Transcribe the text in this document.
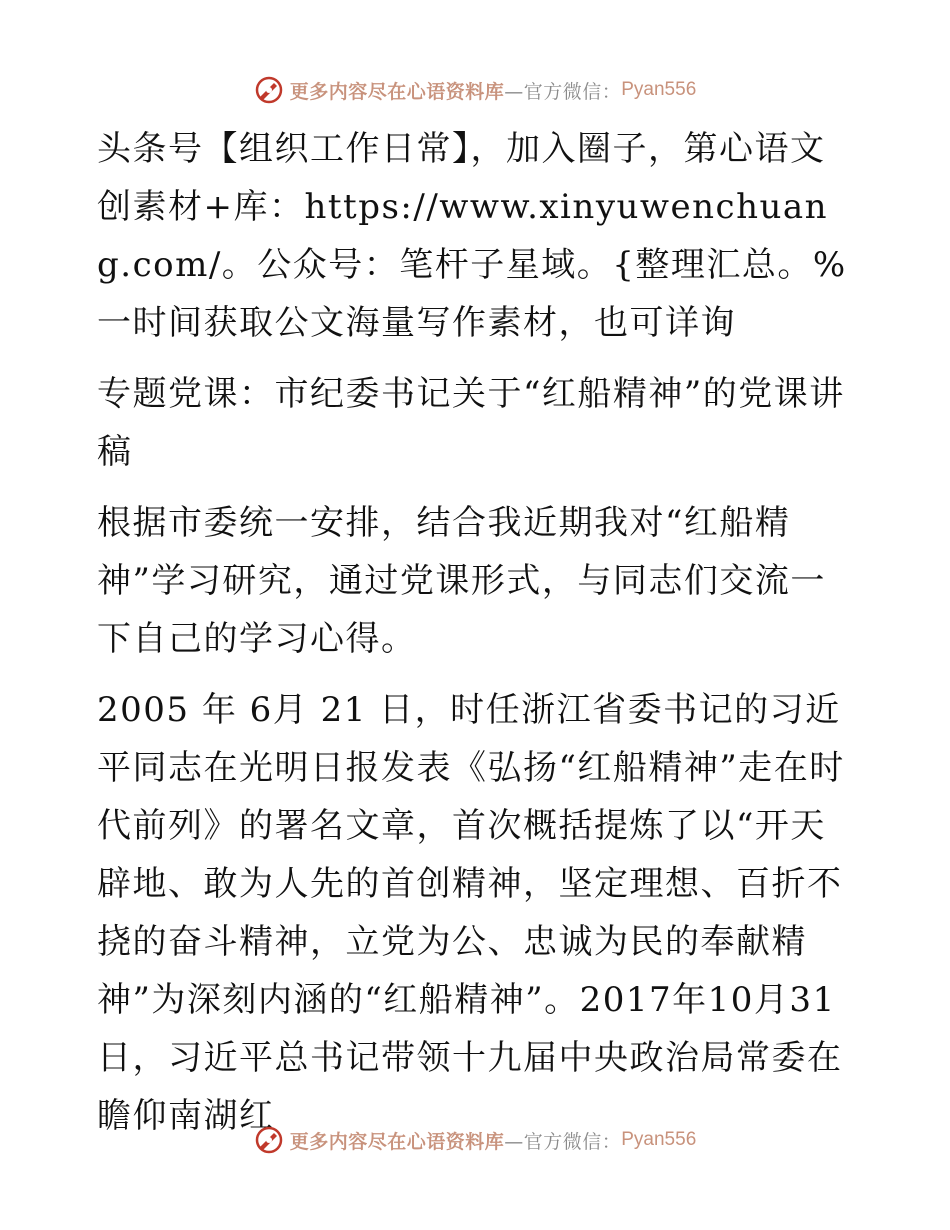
更多内容尽在心语资料库 —官方微信： Pyan556

头条号【组织工作日常】，加入圈子，第心语文创素材+库：https://www.xinyuwenchuang.com/。公众号：笔杆子星域。{整理汇总。%一时间获取公文海量写作素材，也可详询

专题党课：市纪委书记关于“红船精神”的党课讲稿

根据市委统一安排，结合我近期我对“红船精神”学习研究，通过党课形式，与同志们交流一下自己的学习心得。

2005 年 6月 21 日，时任浙江省委书记的习近平同志在光明日报发表《弘扬“红船精神”走在时代前列》的署名文章，首次概括提炼了以“开天辟地、敢为人先的首创精神，坚定理想、百折不挠的奋斗精神，立党为公、忠诚为民的奉献精神”为深刻内涵的“红船精神”。2017年10月31日，习近平总书记带领十九届中央政治局常委在瞻仰南湖红

更多内容尽在心语资料库 —官方微信： Pyan556
